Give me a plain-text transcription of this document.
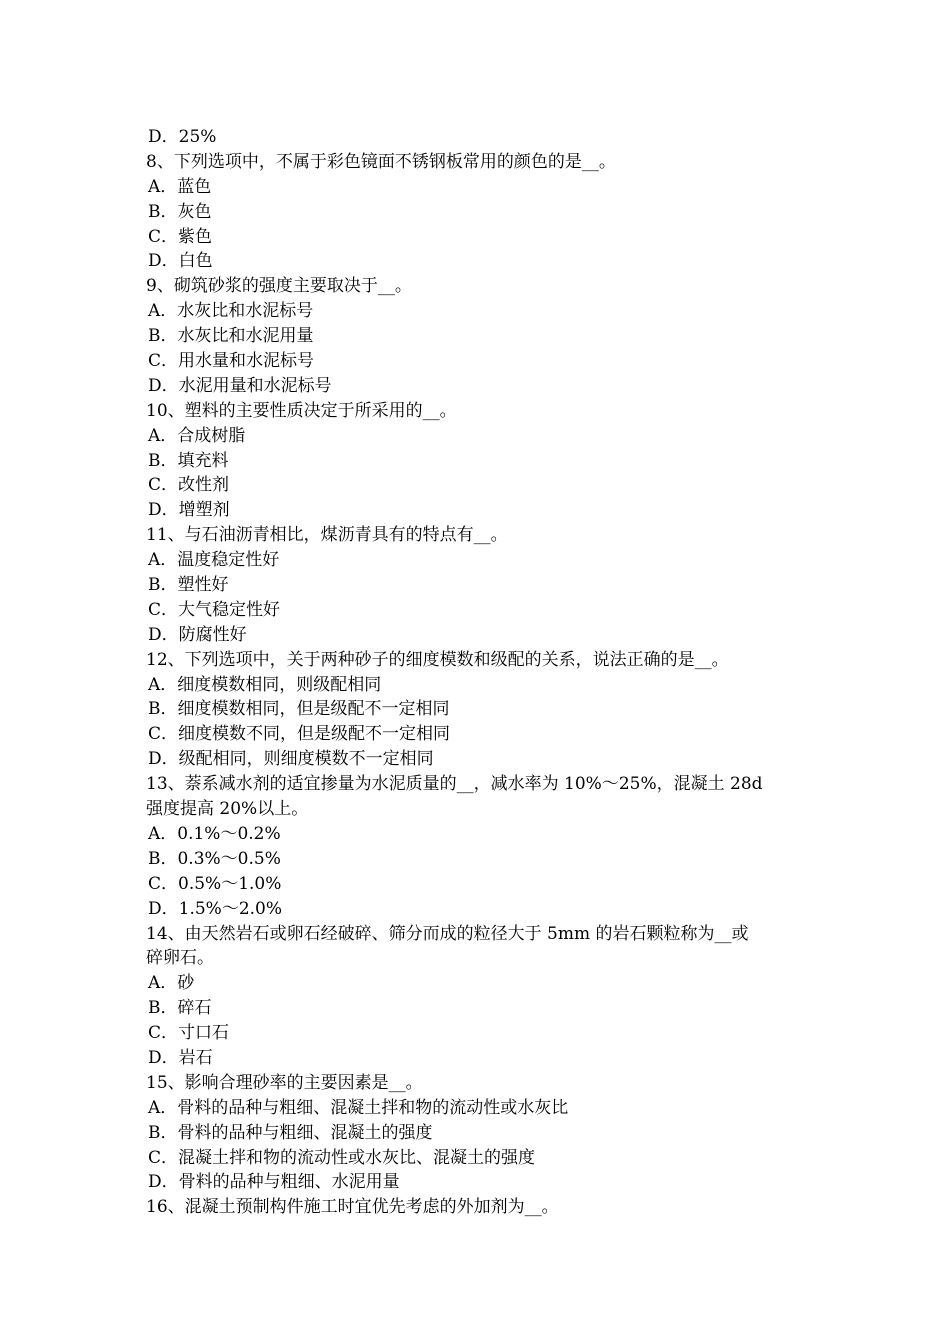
D．25%
8、下列选项中，不属于彩色镜面不锈钢板常用的颜色的是__。
A．蓝色
B．灰色
C．紫色
D．白色
9、砌筑砂浆的强度主要取决于__。
A．水灰比和水泥标号
B．水灰比和水泥用量
C．用水量和水泥标号
D．水泥用量和水泥标号
10、塑料的主要性质决定于所采用的__。
A．合成树脂
B．填充料
C．改性剂
D．增塑剂
11、与石油沥青相比，煤沥青具有的特点有__。
A．温度稳定性好
B．塑性好
C．大气稳定性好
D．防腐性好
12、下列选项中，关于两种砂子的细度模数和级配的关系，说法正确的是__。
A．细度模数相同，则级配相同
B．细度模数相同，但是级配不一定相同
C．细度模数不同，但是级配不一定相同
D．级配相同，则细度模数不一定相同
13、萘系减水剂的适宜掺量为水泥质量的__，减水率为 10%～25%，混凝土 28d
强度提高 20%以上。
A．0.1%～0.2%
B．0.3%～0.5%
C．0.5%～1.0%
D．1.5%～2.0%
14、由天然岩石或卵石经破碎、筛分而成的粒径大于 5mm 的岩石颗粒称为__或
碎卵石。
A．砂
B．碎石
C．寸口石
D．岩石
15、影响合理砂率的主要因素是__。
A．骨料的品种与粗细、混凝土拌和物的流动性或水灰比
B．骨料的品种与粗细、混凝土的强度
C．混凝土拌和物的流动性或水灰比、混凝土的强度
D．骨料的品种与粗细、水泥用量
16、混凝土预制构件施工时宜优先考虑的外加剂为__。
